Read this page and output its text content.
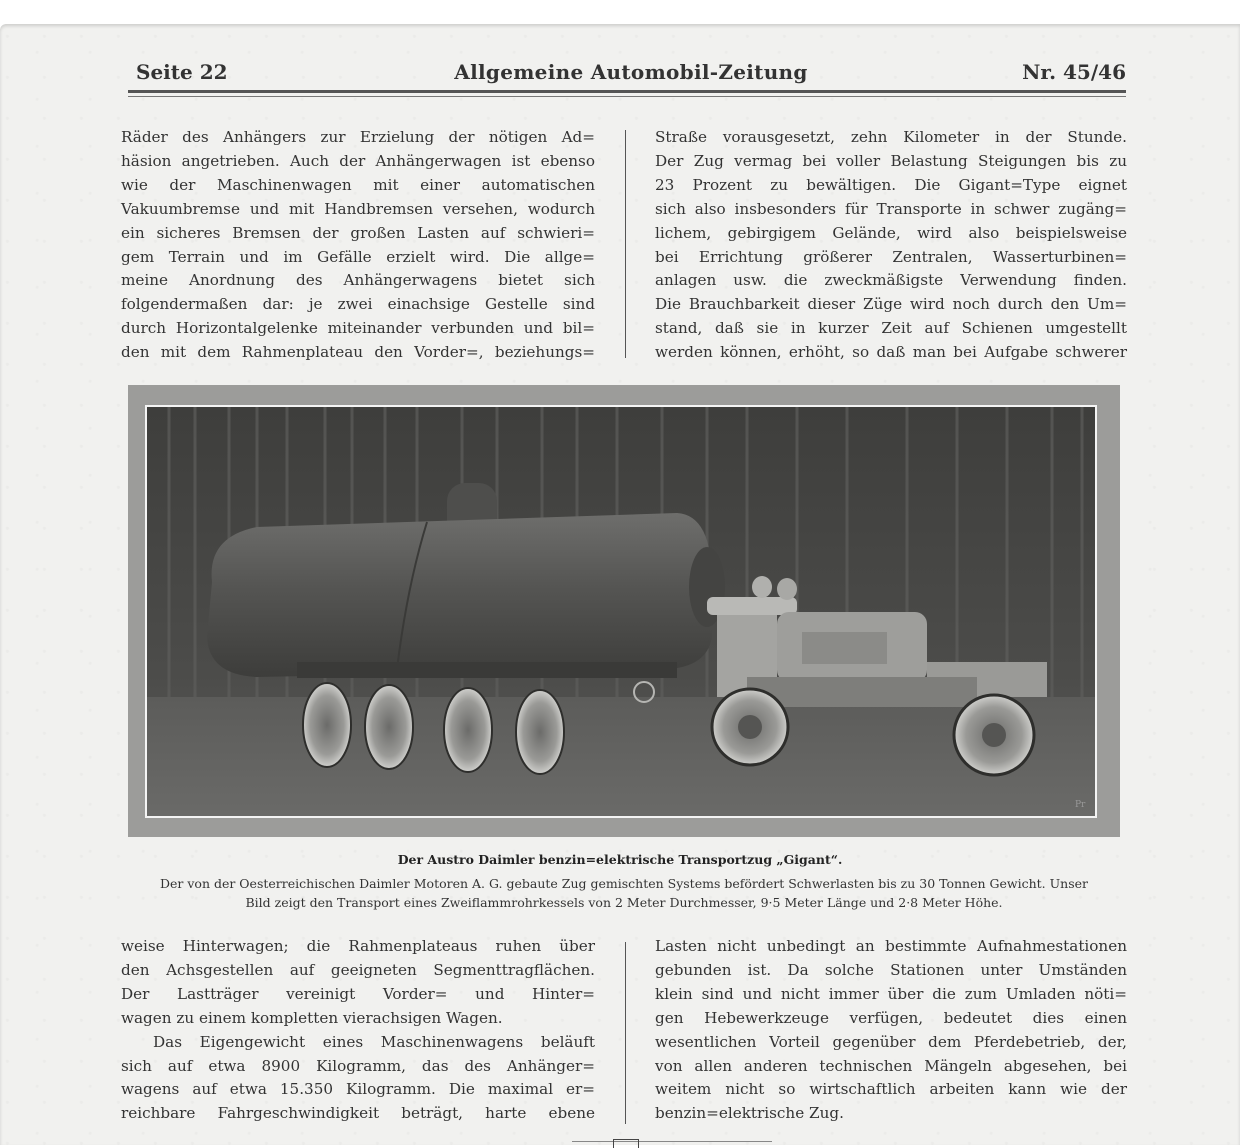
Seite 22	Allgemeine Automobil-Zeitung	Nr. 45/46
Räder des Anhängers zur Erzielung der nötigen Ad=
häsion angetrieben. Auch der Anhängerwagen ist ebenso
wie der Maschinenwagen mit einer automatischen
Vakuumbremse und mit Handbremsen versehen, wodurch
ein sicheres Bremsen der großen Lasten auf schwieri=
gem Terrain und im Gefälle erzielt wird. Die allge=
meine Anordnung des Anhängerwagens bietet sich
folgendermaßen dar: je zwei einachsige Gestelle sind
durch Horizontalgelenke miteinander verbunden und bil=
den mit dem Rahmenplateau den Vorder=, beziehungs=
Straße vorausgesetzt, zehn Kilometer in der Stunde.
Der Zug vermag bei voller Belastung Steigungen bis zu
23 Prozent zu bewältigen. Die Gigant=Type eignet
sich also insbesonders für Transporte in schwer zugäng=
lichem, gebirgigem Gelände, wird also beispielsweise
bei Errichtung größerer Zentralen, Wasserturbinen=
anlagen usw. die zweckmäßigste Verwendung finden.
Die Brauchbarkeit dieser Züge wird noch durch den Um=
stand, daß sie in kurzer Zeit auf Schienen umgestellt
werden können, erhöht, so daß man bei Aufgabe schwerer
Pr
Der Austro Daimler benzin=elektrische Transportzug „Gigant“.
Der von der Oesterreichischen Daimler Motoren A. G. gebaute Zug gemischten Systems befördert Schwerlasten bis zu 30 Tonnen Gewicht. Unser
Bild zeigt den Transport eines Zweiflammrohrkessels von 2 Meter Durchmesser, 9·5 Meter Länge und 2·8 Meter Höhe.
weise Hinterwagen; die Rahmenplateaus ruhen über
den Achsgestellen auf geeigneten Segmenttragflächen.
Der Lastträger vereinigt Vorder= und Hinter=
wagen zu einem kompletten vierachsigen Wagen.
Das Eigengewicht eines Maschinenwagens beläuft
sich auf etwa 8900 Kilogramm, das des Anhänger=
wagens auf etwa 15.350 Kilogramm. Die maximal er=
reichbare Fahrgeschwindigkeit beträgt, harte ebene
Lasten nicht unbedingt an bestimmte Aufnahmestationen
gebunden ist. Da solche Stationen unter Umständen
klein sind und nicht immer über die zum Umladen nöti=
gen Hebewerkzeuge verfügen, bedeutet dies einen
wesentlichen Vorteil gegenüber dem Pferdebetrieb, der,
von allen anderen technischen Mängeln abgesehen, bei
weitem nicht so wirtschaftlich arbeiten kann wie der
benzin=elektrische Zug.
